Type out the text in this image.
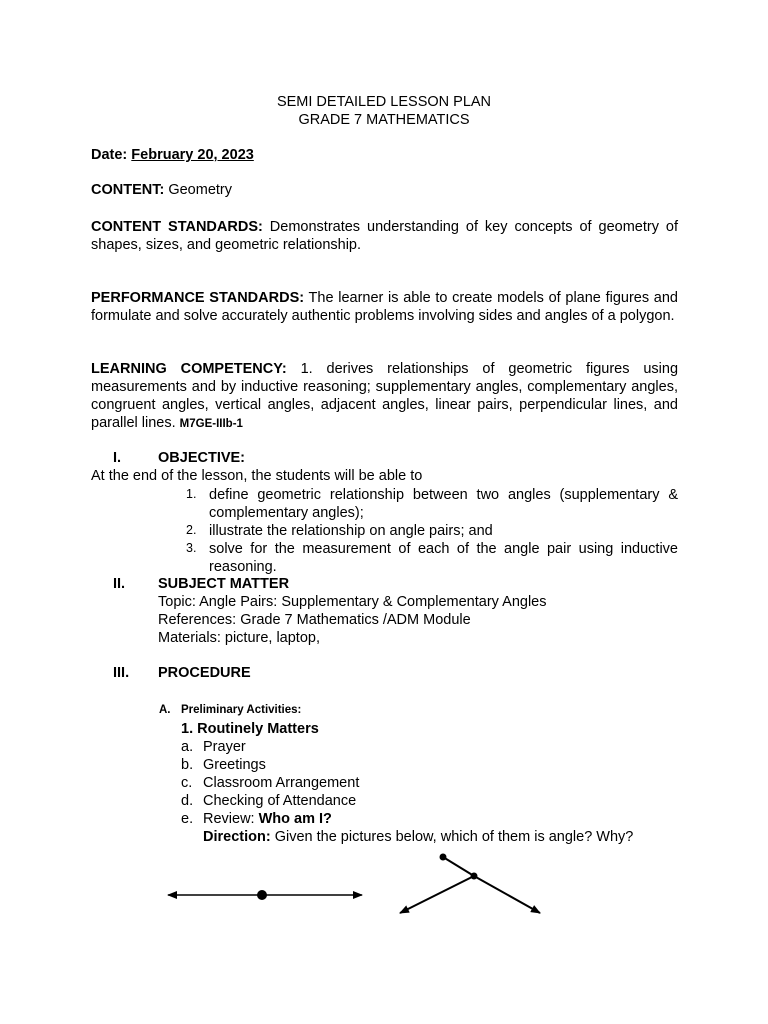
SEMI DETAILED LESSON PLAN
GRADE 7 MATHEMATICS
Date: February 20, 2023
CONTENT: Geometry
CONTENT STANDARDS: Demonstrates understanding of key concepts of geometry of shapes, sizes, and geometric relationship.
PERFORMANCE STANDARDS: The learner is able to create models of plane figures and formulate and solve accurately authentic problems involving sides and angles of a polygon.
LEARNING COMPETENCY: 1. derives relationships of geometric figures using measurements and by inductive reasoning; supplementary angles, complementary angles, congruent angles, vertical angles, adjacent angles, linear pairs, perpendicular lines, and parallel lines. M7GE-IIIb-1
I.	OBJECTIVE:
At the end of the lesson, the students will be able to
1. define geometric relationship between two angles (supplementary & complementary angles);
2. illustrate the relationship on angle pairs; and
3. solve for the measurement of each of the angle pair using inductive reasoning.
II. SUBJECT MATTER
Topic: Angle Pairs: Supplementary & Complementary Angles
References: Grade 7 Mathematics /ADM Module
Materials: picture, laptop,
III. PROCEDURE
A. Preliminary Activities:
1. Routinely Matters
a. Prayer
b. Greetings
c. Classroom Arrangement
d. Checking of Attendance
e. Review: Who am I?
Direction: Given the pictures below, which of them is angle? Why?
